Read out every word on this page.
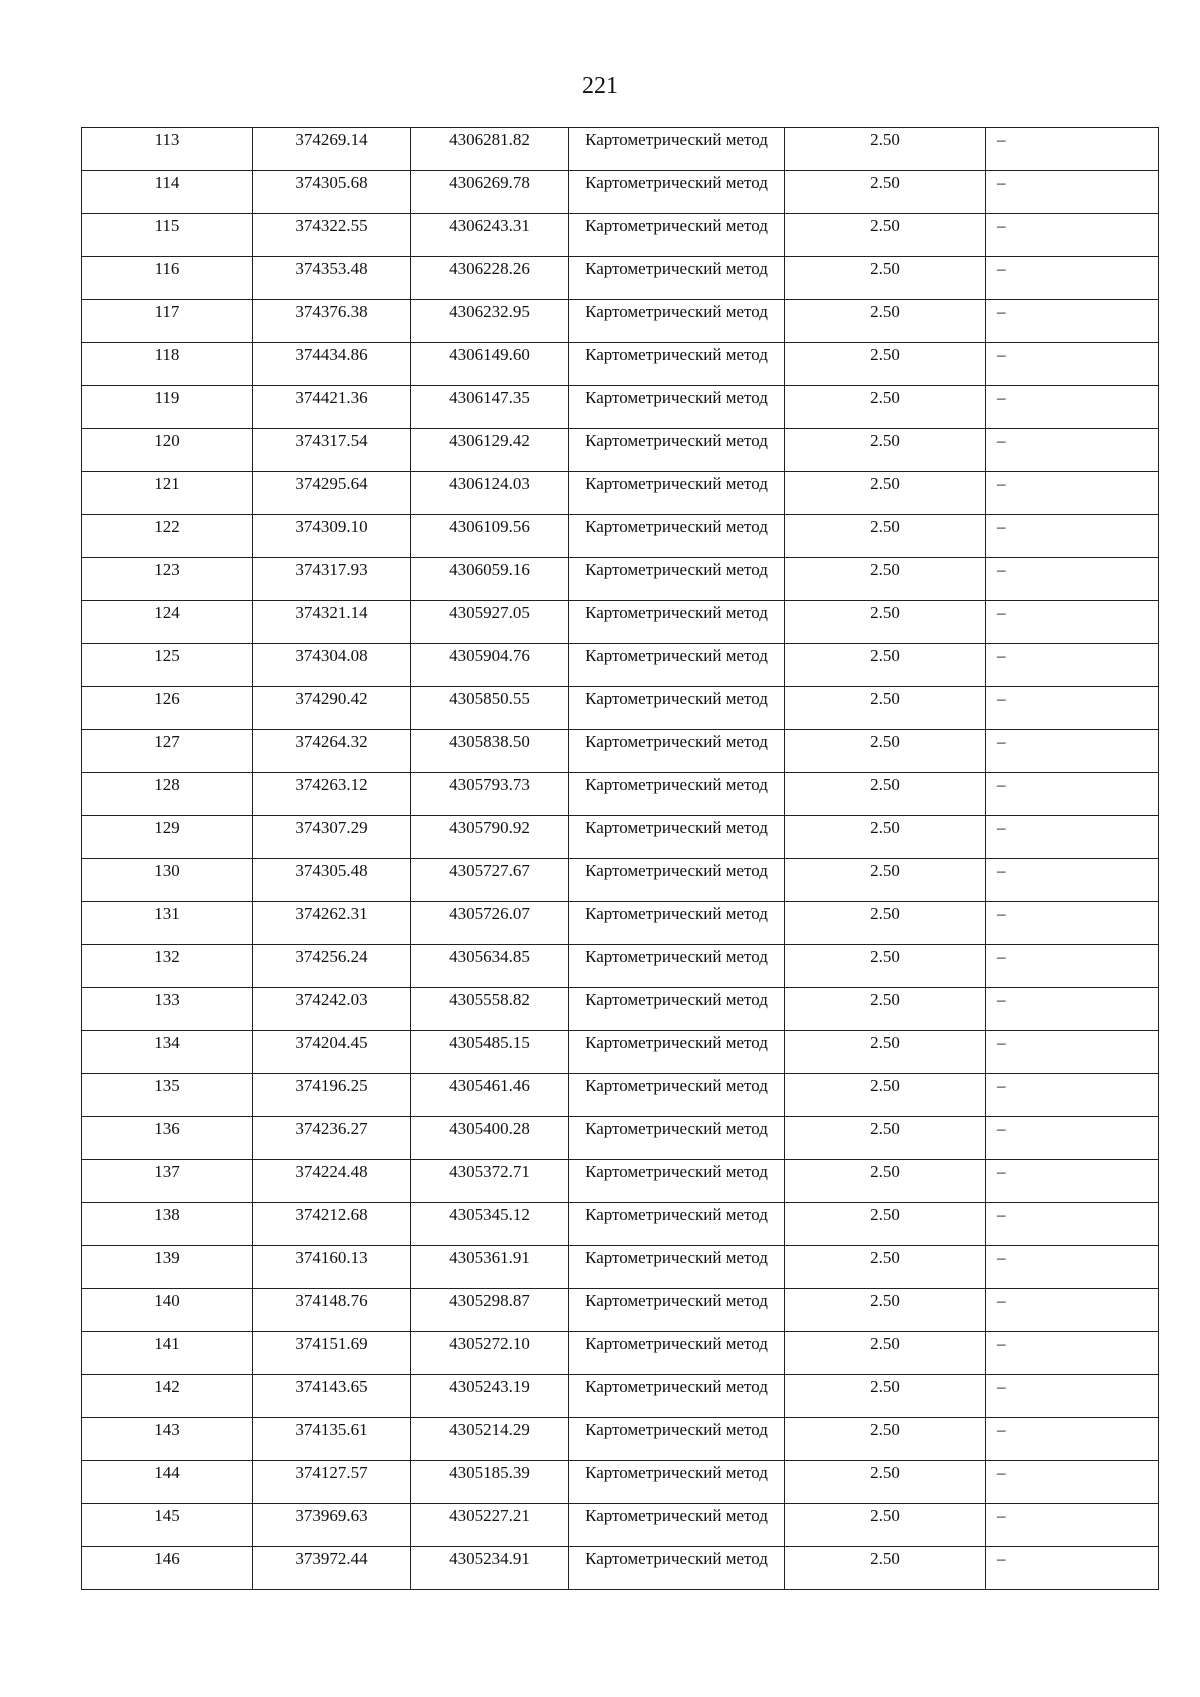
221
113	374269.14	4306281.82	Картометрический метод	2.50	–
114	374305.68	4306269.78	Картометрический метод	2.50	–
115	374322.55	4306243.31	Картометрический метод	2.50	–
116	374353.48	4306228.26	Картометрический метод	2.50	–
117	374376.38	4306232.95	Картометрический метод	2.50	–
118	374434.86	4306149.60	Картометрический метод	2.50	–
119	374421.36	4306147.35	Картометрический метод	2.50	–
120	374317.54	4306129.42	Картометрический метод	2.50	–
121	374295.64	4306124.03	Картометрический метод	2.50	–
122	374309.10	4306109.56	Картометрический метод	2.50	–
123	374317.93	4306059.16	Картометрический метод	2.50	–
124	374321.14	4305927.05	Картометрический метод	2.50	–
125	374304.08	4305904.76	Картометрический метод	2.50	–
126	374290.42	4305850.55	Картометрический метод	2.50	–
127	374264.32	4305838.50	Картометрический метод	2.50	–
128	374263.12	4305793.73	Картометрический метод	2.50	–
129	374307.29	4305790.92	Картометрический метод	2.50	–
130	374305.48	4305727.67	Картометрический метод	2.50	–
131	374262.31	4305726.07	Картометрический метод	2.50	–
132	374256.24	4305634.85	Картометрический метод	2.50	–
133	374242.03	4305558.82	Картометрический метод	2.50	–
134	374204.45	4305485.15	Картометрический метод	2.50	–
135	374196.25	4305461.46	Картометрический метод	2.50	–
136	374236.27	4305400.28	Картометрический метод	2.50	–
137	374224.48	4305372.71	Картометрический метод	2.50	–
138	374212.68	4305345.12	Картометрический метод	2.50	–
139	374160.13	4305361.91	Картометрический метод	2.50	–
140	374148.76	4305298.87	Картометрический метод	2.50	–
141	374151.69	4305272.10	Картометрический метод	2.50	–
142	374143.65	4305243.19	Картометрический метод	2.50	–
143	374135.61	4305214.29	Картометрический метод	2.50	–
144	374127.57	4305185.39	Картометрический метод	2.50	–
145	373969.63	4305227.21	Картометрический метод	2.50	–
146	373972.44	4305234.91	Картометрический метод	2.50	–
